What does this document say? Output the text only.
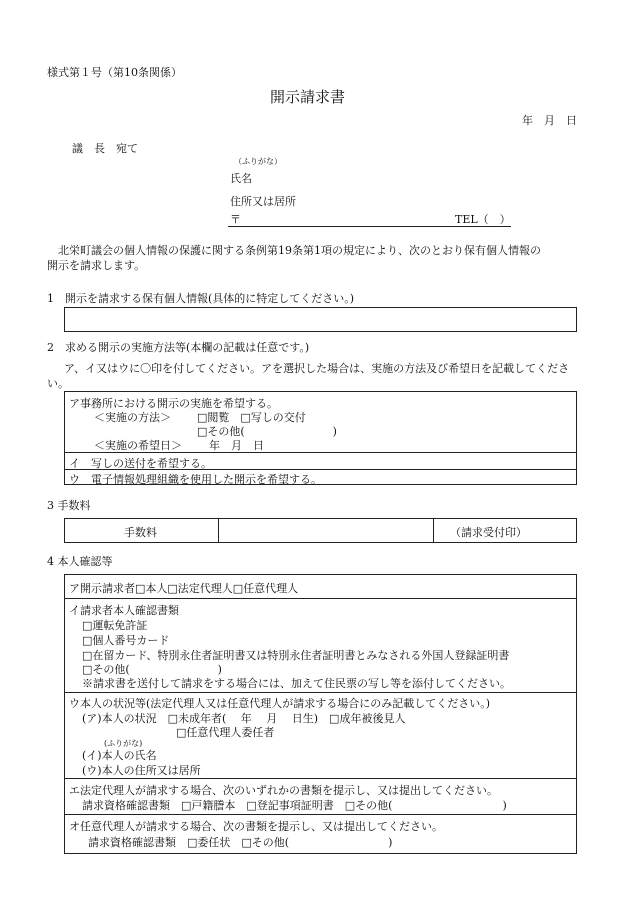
様式第１号（第10条関係）
開示請求書
年　月　日
議　長　宛て
（ふりがな）
氏名
住所又は居所
〒	TEL（　）
北栄町議会の個人情報の保護に関する条例第19条第1項の規定により、次のとおり保有個人情報の
開示を請求します。
1　開示を請求する保有個人情報(具体的に特定してください。)
2　求める開示の実施方法等(本欄の記載は任意です。)
ア、イ又はウに〇印を付してください。アを選択した場合は、実施の方法及び希望日を記載してくださ
い。
ア事務所における開示の実施を希望する。
＜実施の方法＞ □閲覧　□写しの交付
□その他(　　　　　　　　)
＜実施の希望日＞ 年　月　日
イ　写しの送付を希望する。
ウ　電子情報処理組織を使用した開示を希望する。
3 手数料
手数料	（請求受付印）
4 本人確認等
ア開示請求者□本人□法定代理人□任意代理人
イ請求者本人確認書類
□運転免許証
□個人番号カード
□在留カード、特別永住者証明書又は特別永住者証明書とみなされる外国人登録証明書
□その他(　　　　　　　　)
※請求書を送付して請求をする場合には、加えて住民票の写し等を添付してください。
ウ本人の状況等(法定代理人又は任意代理人が請求する場合にのみ記載してください。)
(ア)本人の状況　□未成年者(　 年　 月　 日生)　□成年被後見人
□任意代理人委任者
(ふりがな)
(イ)本人の氏名
(ウ)本人の住所又は居所
エ法定代理人が請求する場合、次のいずれかの書類を提示し、又は提出してください。
請求資格確認書類　□戸籍謄本　□登記事項証明書　□その他(　　　　　　　　　　)
オ任意代理人が請求する場合、次の書類を提示し、又は提出してください。
請求資格確認書類　□委任状　□その他(　　　　　　　　　)
